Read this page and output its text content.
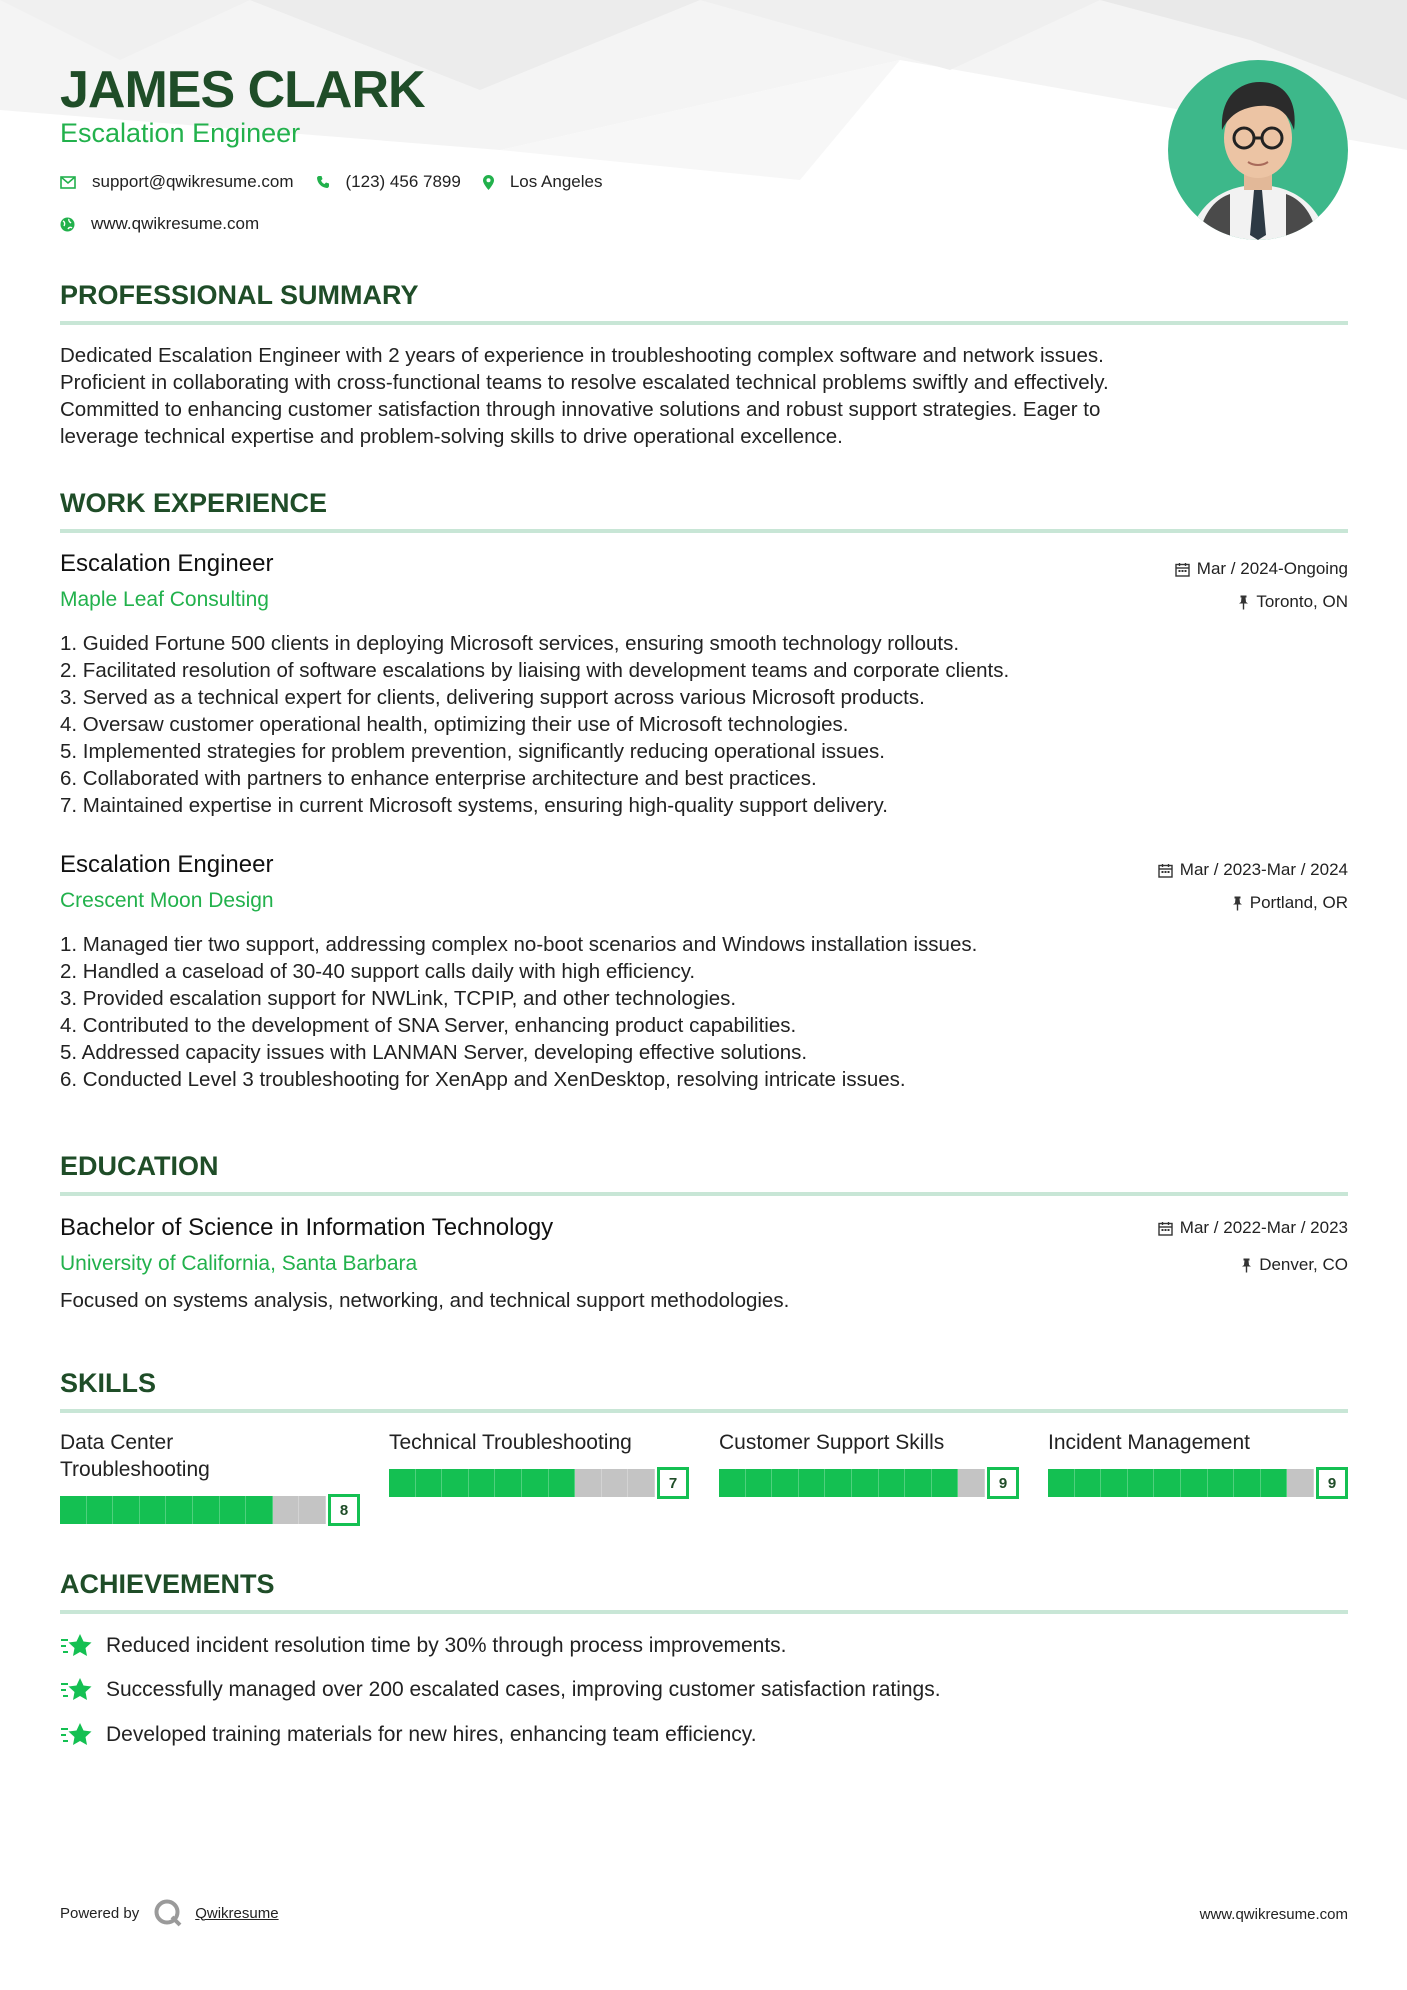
JAMES CLARK
Escalation Engineer
support@qwikresume.com	(123) 456 7899	Los Angeles
www.qwikresume.com
PROFESSIONAL SUMMARY
Dedicated Escalation Engineer with 2 years of experience in troubleshooting complex software and network issues.
Proficient in collaborating with cross-functional teams to resolve escalated technical problems swiftly and effectively.
Committed to enhancing customer satisfaction through innovative solutions and robust support strategies. Eager to
leverage technical expertise and problem-solving skills to drive operational excellence.
WORK EXPERIENCE
Escalation Engineer
Maple Leaf Consulting
Mar / 2024-Ongoing
Toronto, ON
1. Guided Fortune 500 clients in deploying Microsoft services, ensuring smooth technology rollouts.
2. Facilitated resolution of software escalations by liaising with development teams and corporate clients.
3. Served as a technical expert for clients, delivering support across various Microsoft products.
4. Oversaw customer operational health, optimizing their use of Microsoft technologies.
5. Implemented strategies for problem prevention, significantly reducing operational issues.
6. Collaborated with partners to enhance enterprise architecture and best practices.
7. Maintained expertise in current Microsoft systems, ensuring high-quality support delivery.
Escalation Engineer
Crescent Moon Design
Mar / 2023-Mar / 2024
Portland, OR
1. Managed tier two support, addressing complex no-boot scenarios and Windows installation issues.
2. Handled a caseload of 30-40 support calls daily with high efficiency.
3. Provided escalation support for NWLink, TCPIP, and other technologies.
4. Contributed to the development of SNA Server, enhancing product capabilities.
5. Addressed capacity issues with LANMAN Server, developing effective solutions.
6. Conducted Level 3 troubleshooting for XenApp and XenDesktop, resolving intricate issues.
EDUCATION
Bachelor of Science in Information Technology
University of California, Santa Barbara
Mar / 2022-Mar / 2023
Denver, CO
Focused on systems analysis, networking, and technical support methodologies.
SKILLS
Data Center
Troubleshooting
8
Technical Troubleshooting
7
Customer Support Skills
9
Incident Management
9
ACHIEVEMENTS
Reduced incident resolution time by 30% through process improvements.
Successfully managed over 200 escalated cases, improving customer satisfaction ratings.
Developed training materials for new hires, enhancing team efficiency.
Powered by	Qwikresume	www.qwikresume.com
